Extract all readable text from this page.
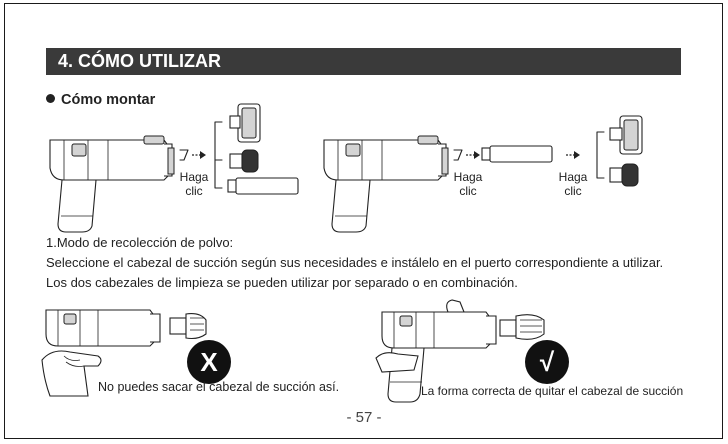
4. CÓMO UTILIZAR
Cómo montar
Haga
clic
Haga
clic
Haga
clic
1.Modo de recolección de polvo:
Seleccione el cabezal de succión según sus necesidades e instálelo en el puerto correspondiente a utilizar.
Los dos cabezales de limpieza se pueden utilizar por separado o en combinación.
X
No puedes sacar el cabezal de succión así.
√
La forma correcta de quitar el cabezal de succión
- 57 -
